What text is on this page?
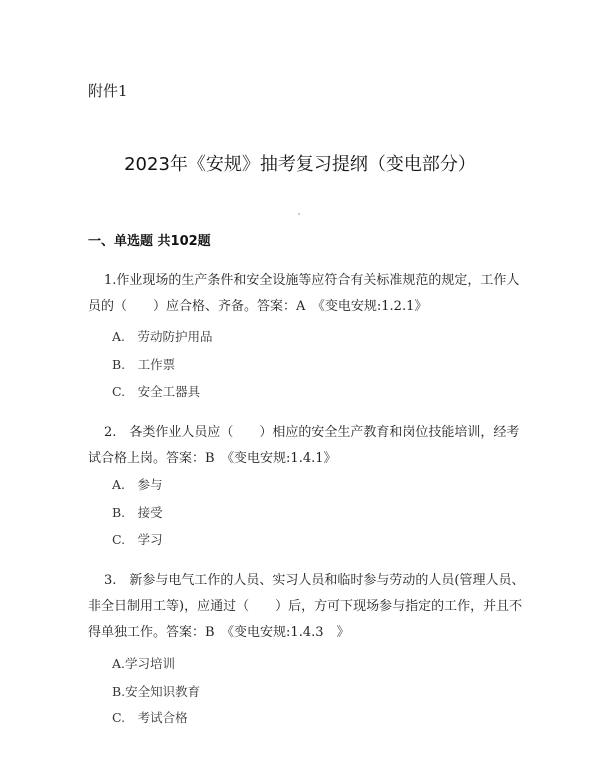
附件1
2023年《安规》抽考复习提纲（变电部分）
一、单选题 共102题
1.作业现场的生产条件和安全设施等应符合有关标准规范的规定，工作人员的（　　）应合格、齐备。答案：A　《变电安规:1.2.1》
A.　劳动防护用品
B.　工作票
C.　安全工器具
2.　各类作业人员应（　　）相应的安全生产教育和岗位技能培训，经考试合格上岗。答案：B　《变电安规:1.4.1》
A.　参与
B.　接受
C.　学习
3.　新参与电气工作的人员、实习人员和临时参与劳动的人员(管理人员、非全日制用工等)，应通过（　　）后，方可下现场参与指定的工作，并且不得单独工作。答案：B　《变电安规:1.4.3　》
A.学习培训
B.安全知识教育
C.　考试合格
